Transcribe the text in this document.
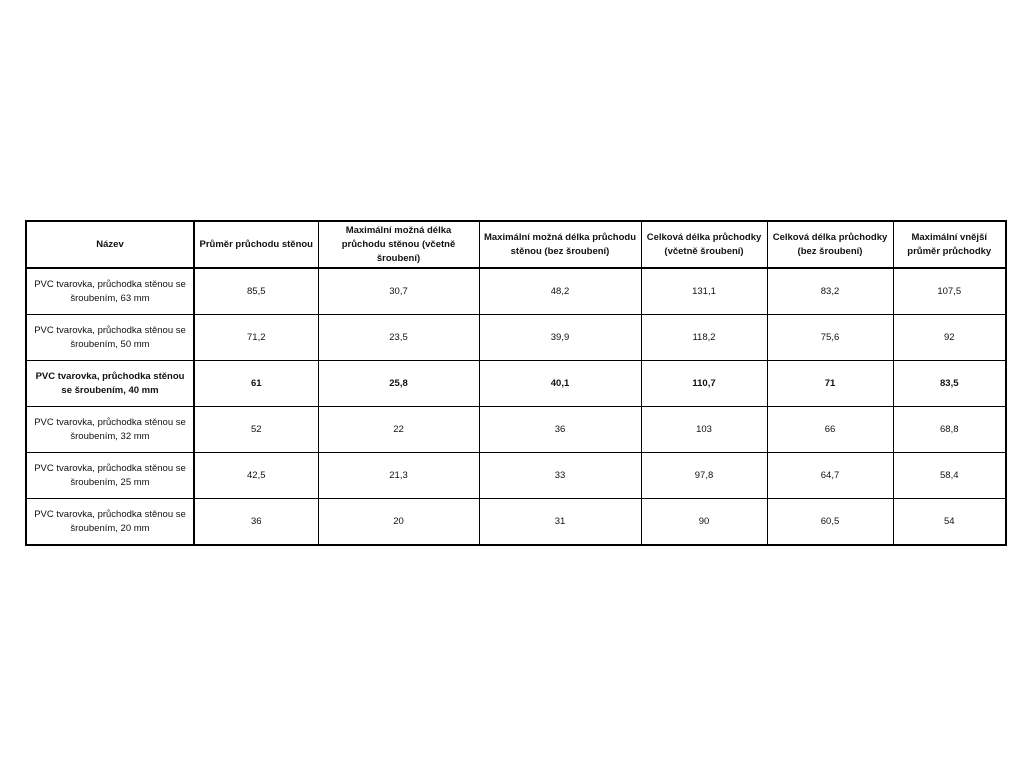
Název	Průměr průchodu stěnou	Maximální možná délka průchodu stěnou (včetně šroubení)	Maximální možná délka průchodu stěnou (bez šroubení)	Celková délka průchodky (včetně šroubení)	Celková délka průchodky (bez šroubení)	Maximální vnější průměr průchodky
PVC tvarovka, průchodka stěnou se šroubením, 63 mm	85,5	30,7	48,2	131,1	83,2	107,5
PVC tvarovka, průchodka stěnou se šroubením, 50 mm	71,2	23,5	39,9	118,2	75,6	92
PVC tvarovka, průchodka stěnou se šroubením, 40 mm	61	25,8	40,1	110,7	71	83,5
PVC tvarovka, průchodka stěnou se šroubením, 32 mm	52	22	36	103	66	68,8
PVC tvarovka, průchodka stěnou se šroubením, 25 mm	42,5	21,3	33	97,8	64,7	58,4
PVC tvarovka, průchodka stěnou se šroubením, 20 mm	36	20	31	90	60,5	54
